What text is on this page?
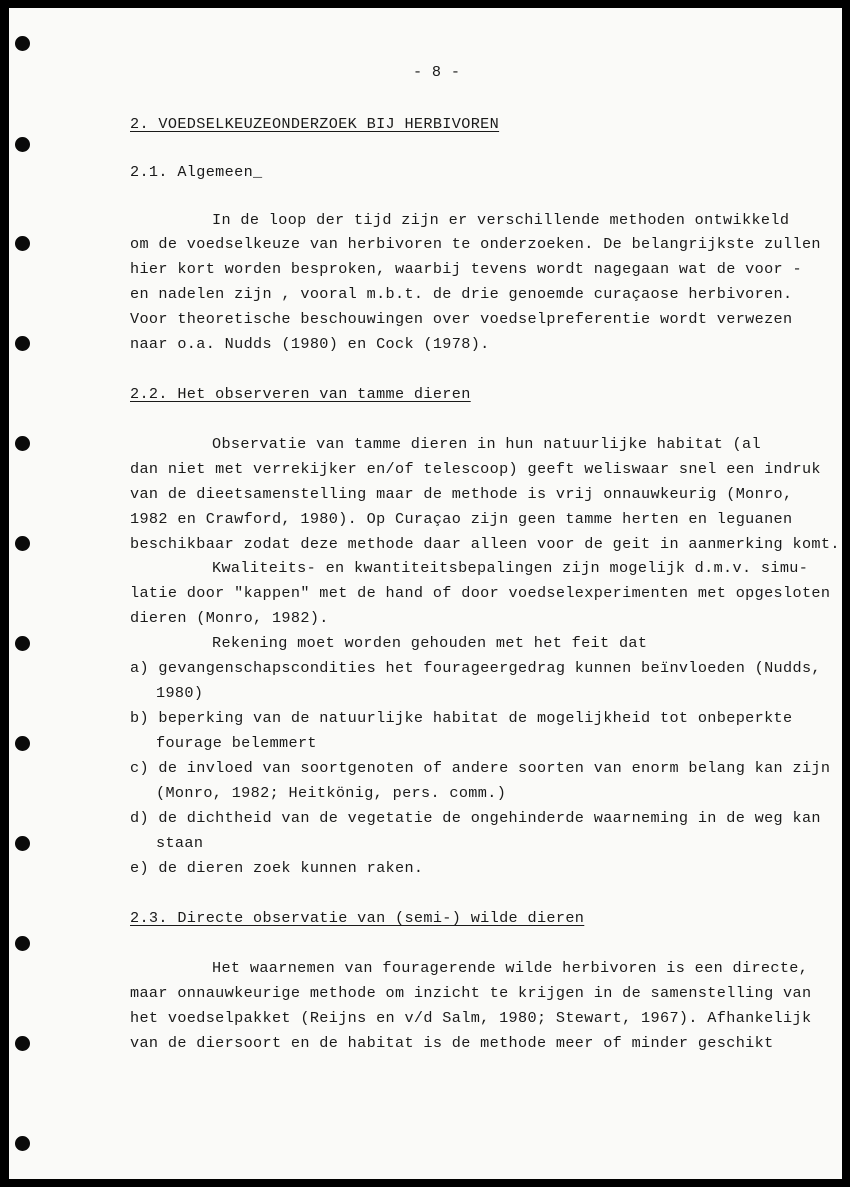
- 8 -
2. VOEDSELKEUZEONDERZOEK BIJ HERBIVOREN
2.1. Algemeen_
In de loop der tijd zijn er verschillende methoden ontwikkeld
om de voedselkeuze van herbivoren te onderzoeken. De belangrijkste zullen
hier kort worden besproken, waarbij tevens wordt nagegaan wat de voor -
en nadelen zijn , vooral m.b.t. de drie genoemde curaçaose herbivoren.
Voor theoretische beschouwingen over voedselpreferentie wordt verwezen
naar o.a. Nudds (1980) en Cock (1978).
2.2. Het observeren van tamme dieren
Observatie van tamme dieren in hun natuurlijke habitat (al
dan niet met verrekijker en/of telescoop) geeft weliswaar snel een indruk
van de dieetsamenstelling maar de methode is vrij onnauwkeurig (Monro,
1982 en Crawford, 1980). Op Curaçao zijn geen tamme herten en leguanen
beschikbaar zodat deze methode daar alleen voor de geit in aanmerking komt.
Kwaliteits- en kwantiteitsbepalingen zijn mogelijk d.m.v. simu-
latie door "kappen" met de hand of door voedselexperimenten met opgesloten
dieren (Monro, 1982).
Rekening moet worden gehouden met het feit dat
a) gevangenschapscondities het fourageergedrag kunnen beïnvloeden (Nudds,
1980)
b) beperking van de natuurlijke habitat de mogelijkheid tot onbeperkte
fourage belemmert
c) de invloed van soortgenoten of andere soorten van enorm belang kan zijn
(Monro, 1982; Heitkönig, pers. comm.)
d) de dichtheid van de vegetatie de ongehinderde waarneming in de weg kan
staan
e) de dieren zoek kunnen raken.
2.3. Directe observatie van (semi-) wilde dieren
Het waarnemen van fouragerende wilde herbivoren is een directe,
maar onnauwkeurige methode om inzicht te krijgen in de samenstelling van
het voedselpakket (Reijns en v/d Salm, 1980; Stewart, 1967). Afhankelijk
van de diersoort en de habitat is de methode meer of minder geschikt
